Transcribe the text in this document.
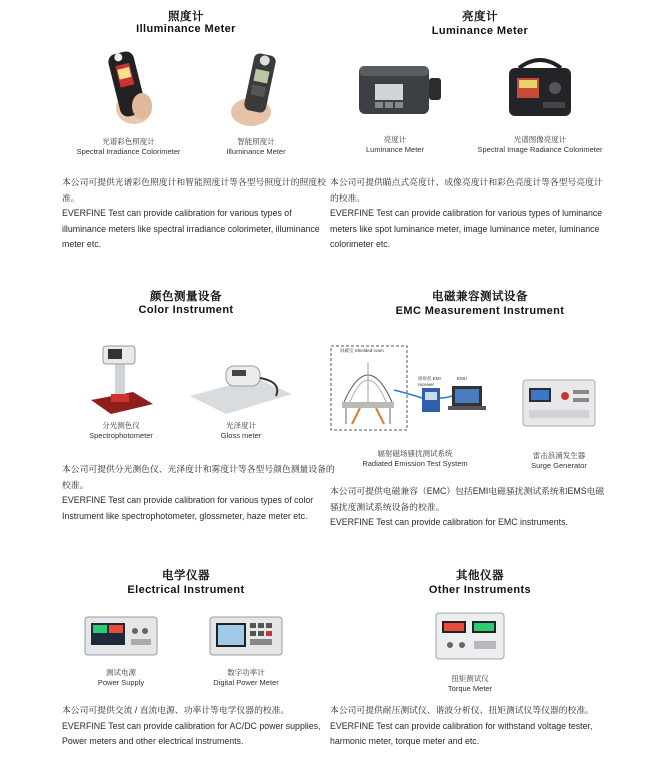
照度计
Illuminance Meter
光谱彩色照度计
Spectral Irradiance Colorimeter
智能照度计
Illuminance Meter

本公司可提供光谱彩色照度计和智能照度计等各型号照度计的照度校准。

EVERFINE Test can provide calibration for various types of illuminance meters like spectral irradiance colorimeter, illuminance meter etc.

亮度计
Luminance Meter
亮度计
Luminance Meter
光谱图像亮度计
Spectral Image Radiance Colorimeter

本公司可提供瞄点式亮度计、成像亮度计和彩色亮度计等各型号亮度计的校准。

EVERFINE Test can provide calibration for various types of luminance meters like spot luminance meter, image luminance meter, luminance colorimeter etc.

颜色测量设备
Color Instrument
分光测色仪
Spectrophotometer
光泽度计
Gloss meter

本公司可提供分光测色仪、光泽度计和雾度计等各型号颜色测量设备的校准。

EVERFINE Test can provide calibration for various types of color Instrument like spectrophotometer, glossmeter, haze meter etc.

电磁兼容测试设备
EMC Measurement Instrument
屏蔽室 Shielded room
接收机 EMI receiver
EMU
辐射磁场骚扰测试系统
Radiated Emission Test System
雷击浪涌发生器
Surge Generator

本公司可提供电磁兼容（EMC）包括EMI电磁骚扰测试系统和EMS电磁骚扰度测试系统设备的校准。

EVERFINE Test can provide calibration for EMC instruments.

电学仪器
Electrical Instrument
测试电源
Power Supply
数字功率计
Digital Power Meter

本公司可提供交流 / 直流电源、功率计等电学仪器的校准。

EVERFINE Test can provide calibration for AC/DC power supplies, Power meters and other electrical instruments.

其他仪器
Other Instruments
扭矩测试仪
Torque Meter

本公司可提供耐压测试仪、谐波分析仪、扭矩测试仪等仪器的校准。

EVERFINE Test can provide calibration for withstand voltage tester, harmonic meter, torque meter and etc.
